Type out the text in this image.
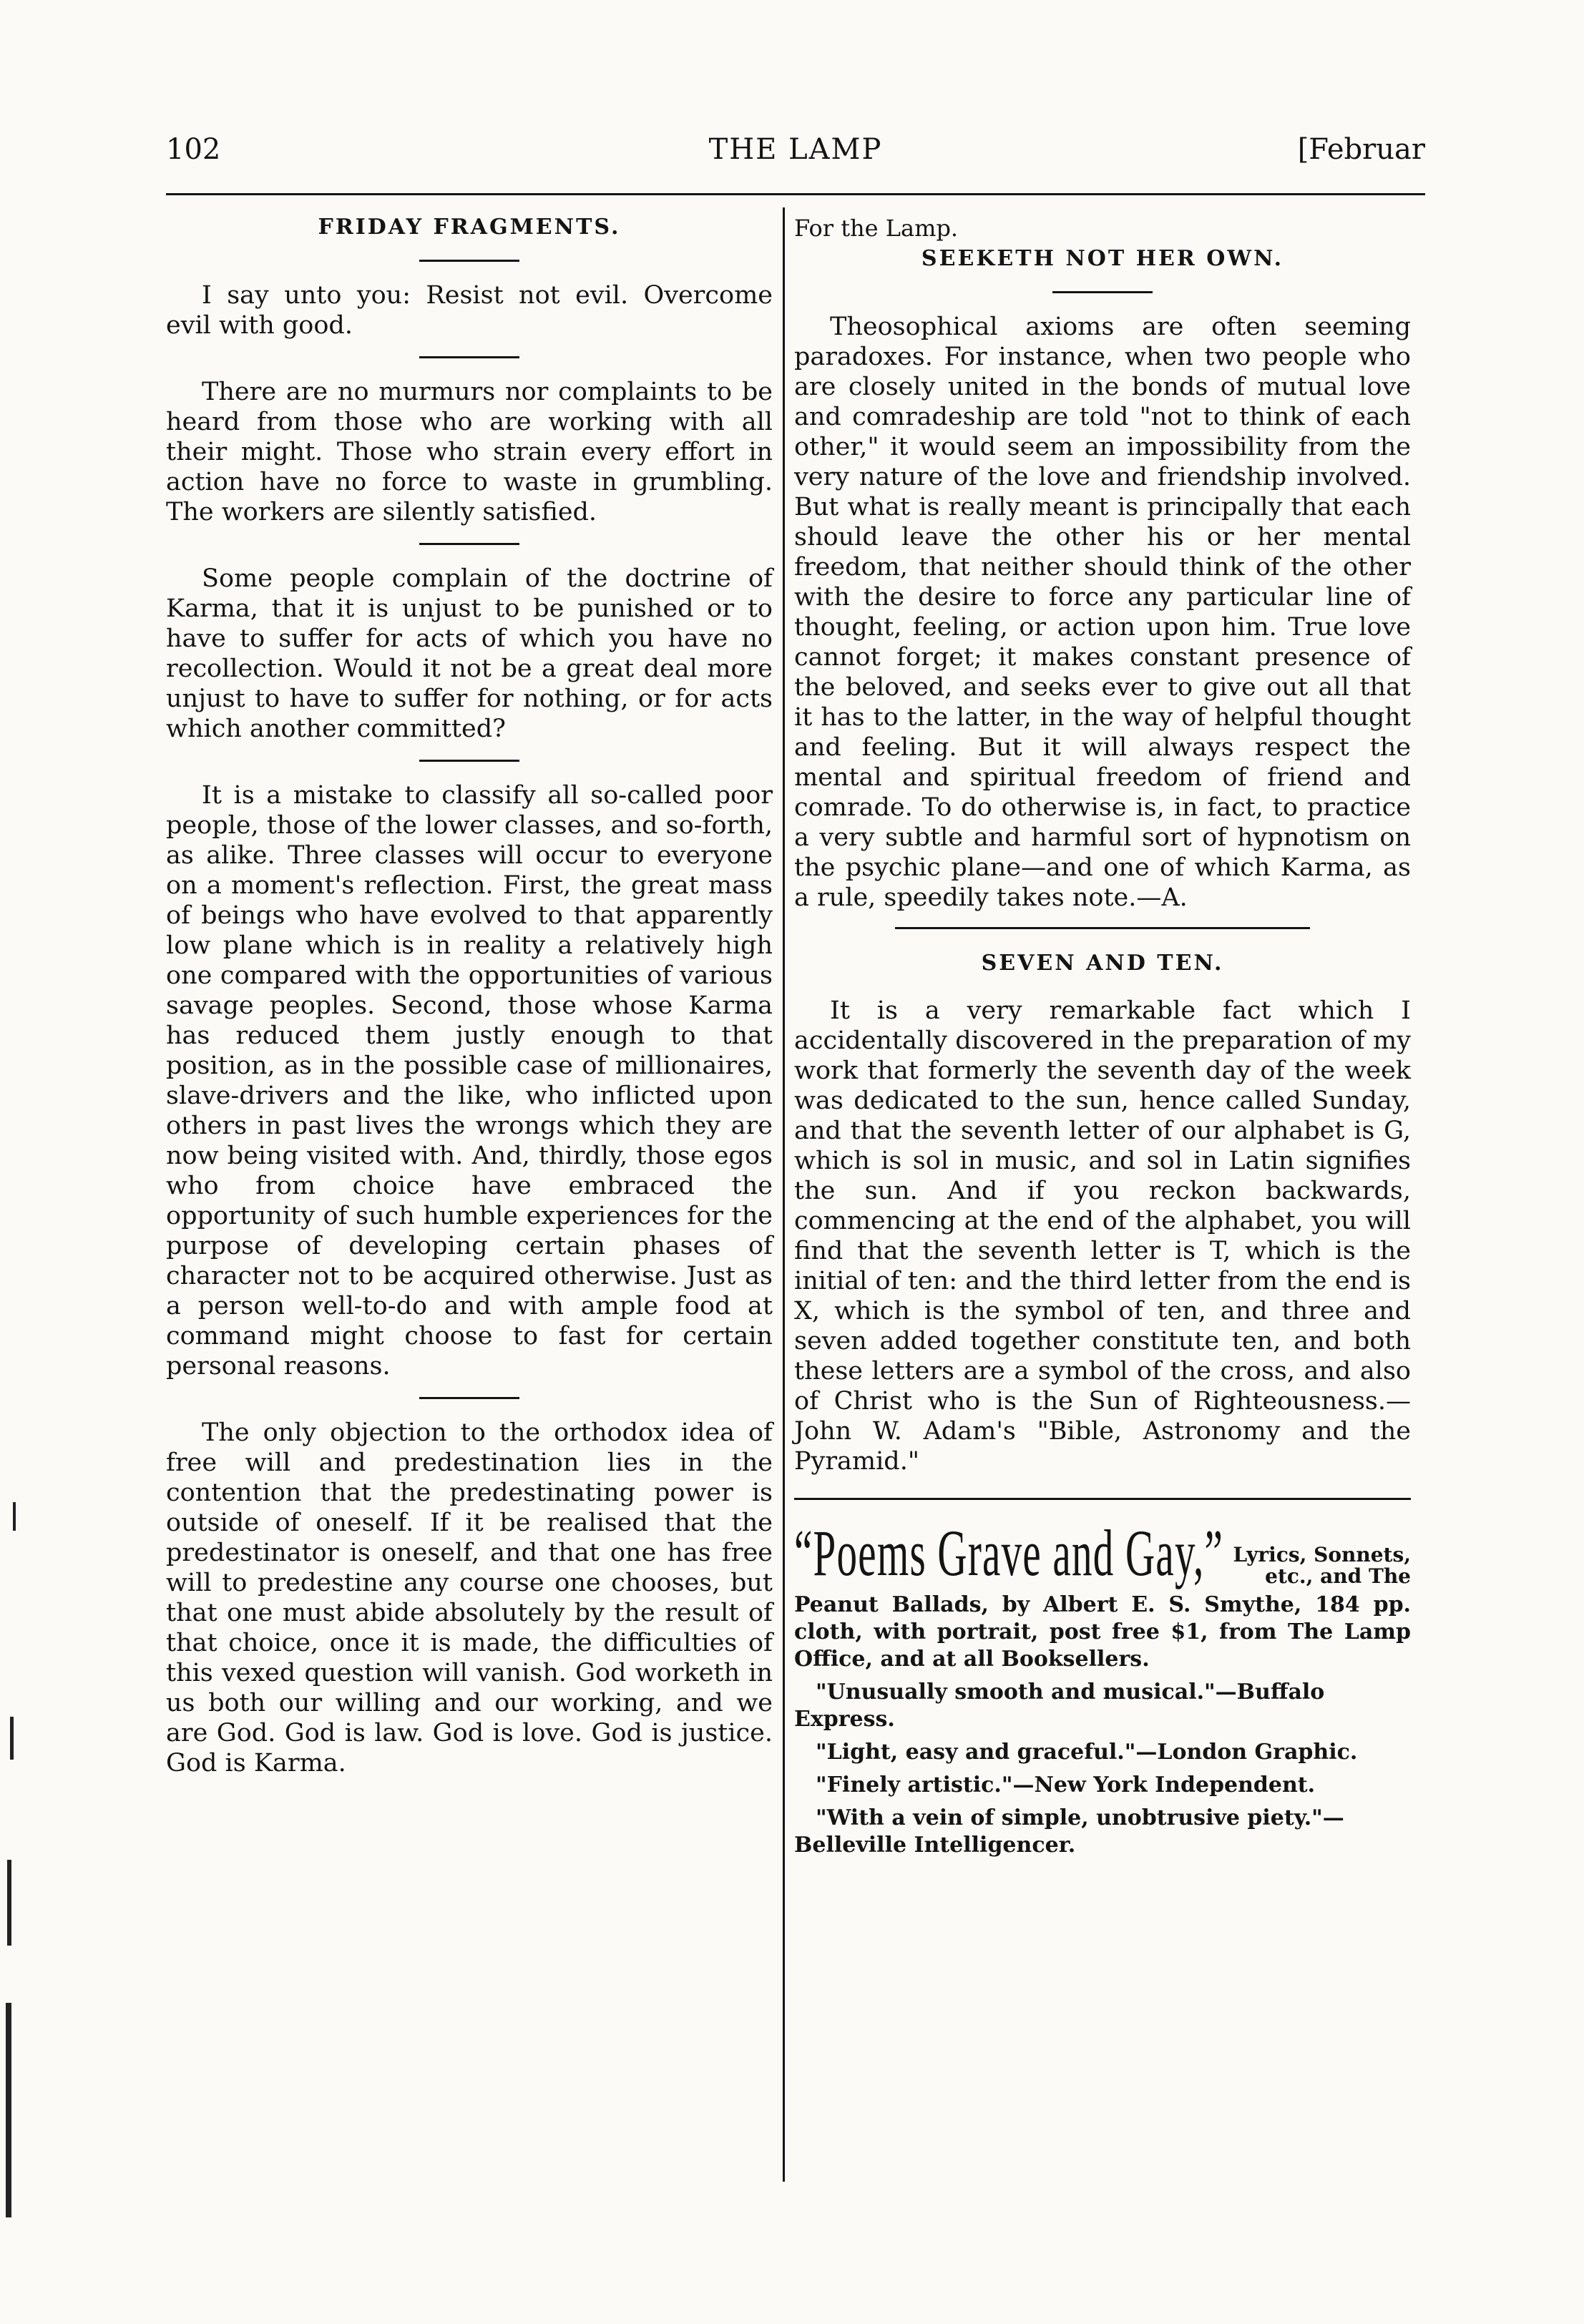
102	THE LAMP	[Februar
FRIDAY FRAGMENTS.

I say unto you: Resist not evil. Overcome evil with good.

There are no murmurs nor complaints to be heard from those who are working with all their might. Those who strain every effort in action have no force to waste in grumbling. The workers are silently satisfied.

Some people complain of the doctrine of Karma, that it is unjust to be punished or to have to suffer for acts of which you have no recollection. Would it not be a great deal more unjust to have to suffer for nothing, or for acts which another committed?

It is a mistake to classify all so-called poor people, those of the lower classes, and so-forth, as alike. Three classes will occur to everyone on a moment's reflection. First, the great mass of beings who have evolved to that apparently low plane which is in reality a relatively high one compared with the opportunities of various savage peoples. Second, those whose Karma has reduced them justly enough to that position, as in the possible case of millionaires, slave-drivers and the like, who inflicted upon others in past lives the wrongs which they are now being visited with. And, thirdly, those egos who from choice have embraced the opportunity of such humble experiences for the purpose of developing certain phases of character not to be acquired otherwise. Just as a person well-to-do and with ample food at command might choose to fast for certain personal reasons.

The only objection to the orthodox idea of free will and predestination lies in the contention that the predestinating power is outside of oneself. If it be realised that the predestinator is oneself, and that one has free will to predestine any course one chooses, but that one must abide absolutely by the result of that choice, once it is made, the difficulties of this vexed question will vanish. God worketh in us both our willing and our working, and we are God. God is law. God is love. God is justice. God is Karma.

For the Lamp.
SEEKETH NOT HER OWN.

Theosophical axioms are often seeming paradoxes. For instance, when two people who are closely united in the bonds of mutual love and comradeship are told "not to think of each other," it would seem an impossibility from the very nature of the love and friendship involved. But what is really meant is principally that each should leave the other his or her mental freedom, that neither should think of the other with the desire to force any particular line of thought, feeling, or action upon him. True love cannot forget; it makes constant presence of the beloved, and seeks ever to give out all that it has to the latter, in the way of helpful thought and feeling. But it will always respect the mental and spiritual freedom of friend and comrade. To do otherwise is, in fact, to practice a very subtle and harmful sort of hypnotism on the psychic plane—and one of which Karma, as a rule, speedily takes note.—A.

SEVEN AND TEN.

It is a very remarkable fact which I accidentally discovered in the preparation of my work that formerly the seventh day of the week was dedicated to the sun, hence called Sunday, and that the seventh letter of our alphabet is G, which is sol in music, and sol in Latin signifies the sun. And if you reckon backwards, commencing at the end of the alphabet, you will find that the seventh letter is T, which is the initial of ten: and the third letter from the end is X, which is the symbol of ten, and three and seven added together constitute ten, and both these letters are a symbol of the cross, and also of Christ who is the Sun of Righteousness.—John W. Adam's "Bible, Astronomy and the Pyramid."

“Poems Grave and Gay,” Lyrics, Sonnets, etc., and The

Peanut Ballads, by Albert E. S. Smythe, 184 pp. cloth, with portrait, post free $1, from The Lamp Office, and at all Booksellers.

"Unusually smooth and musical."—Buffalo Express.

"Light, easy and graceful."—London Graphic.

"Finely artistic."—New York Independent.

"With a vein of simple, unobtrusive piety."—Belleville Intelligencer.
